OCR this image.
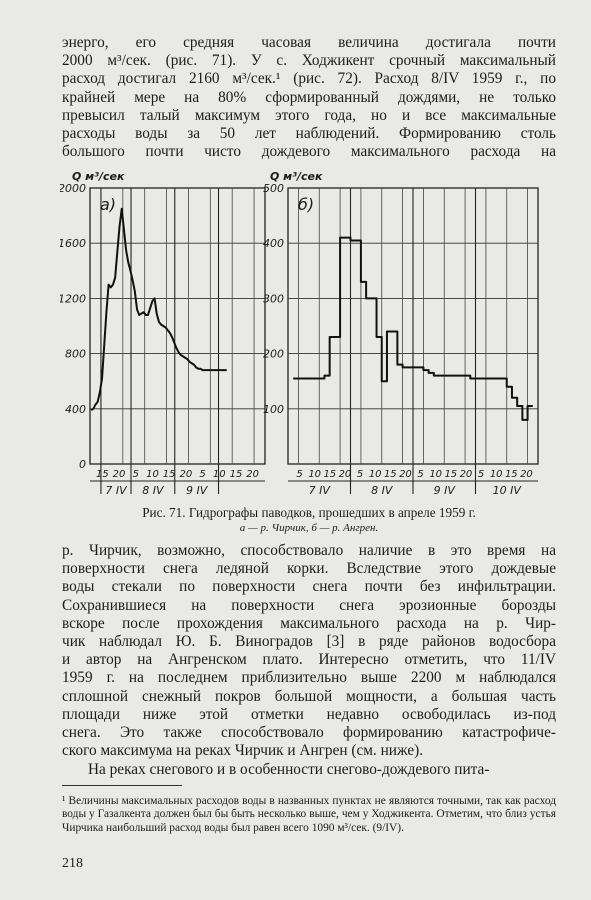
энерго, его средняя часовая величина достигала почти
2000 м³/сек. (рис. 71). У с. Ходжикент срочный максимальный
расход достигал 2160 м³/сек.¹ (рис. 72). Расход 8/IV 1959 г., по
крайней мере на 80% сформированный дождями, не только
превысил талый максимум этого года, но и все максимальные
расходы воды за 50 лет наблюдений. Формированию столь
большого почти чисто дождевого максимального расхода на
0
400
800
1200
1600
2000
15 20 5 10 15 20 5 10 15 20
7 IV 8 IV 9 IV
Q м³/сек
а)
100
200
300
400
500
5 10 15 20 5 10 15 20 5 10 15 20 5 10 15 20
7 IV	8 IV	9 IV	10 IV
Q м³/сек
б)
Рис. 71. Гидрографы паводков, прошедших в апреле 1959 г.
а — р. Чирчик, б — р. Ангрен.
р. Чирчик, возможно, способствовало наличие в это время на
поверхности снега ледяной корки. Вследствие этого дождевые
воды стекали по поверхности снега почти без инфильтрации.
Сохранившиеся на поверхности снега эрозионные борозды
вскоре после прохождения максимального расхода на р. Чир-
чик наблюдал Ю. Б. Виноградов [3] в ряде районов водосбора
и автор на Ангренском плато. Интересно отметить, что 11/IV
1959 г. на последнем приблизительно выше 2200 м наблюдался
сплошной снежный покров большой мощности, а большая часть
площади ниже этой отметки недавно освободилась из-под
снега. Это также способствовало формированию катастрофиче-
ского максимума на реках Чирчик и Ангрен (см. ниже).
На реках снегового и в особенности снегово-дождевого пита-
¹ Величины максимальных расходов воды в названных пунктах не являются точными, так как расход воды у Газалкента должен был бы быть несколько выше, чем у Ходжикента. Отметим, что близ устья Чирчика наибольший расход воды был равен всего 1090 м³/сек. (9/IV).
218
